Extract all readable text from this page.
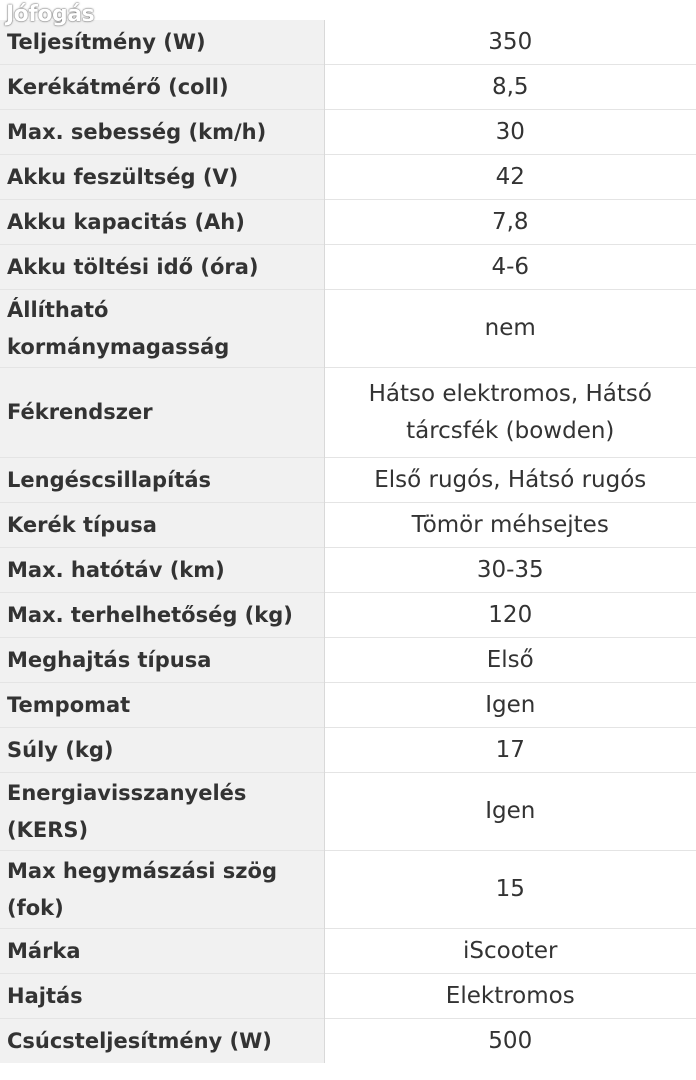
Jófogás
Teljesítmény (W)	350
Kerékátmérő (coll)	8,5
Max. sebesség (km/h)	30
Akku feszültség (V)	42
Akku kapacitás (Ah)	7,8
Akku töltési idő (óra)	4-6
Állítható kormánymagasság	nem
Fékrendszer	Hátso elektromos, Hátsó tárcsfék (bowden)
Lengéscsillapítás	Első rugós, Hátsó rugós
Kerék típusa	Tömör méhsejtes
Max. hatótáv (km)	30-35
Max. terhelhetőség (kg)	120
Meghajtás típusa	Első
Tempomat	Igen
Súly (kg)	17
Energiavisszanyelés (KERS)	Igen
Max hegymászási szög (fok)	15
Márka	iScooter
Hajtás	Elektromos
Csúcsteljesítmény (W)	500
